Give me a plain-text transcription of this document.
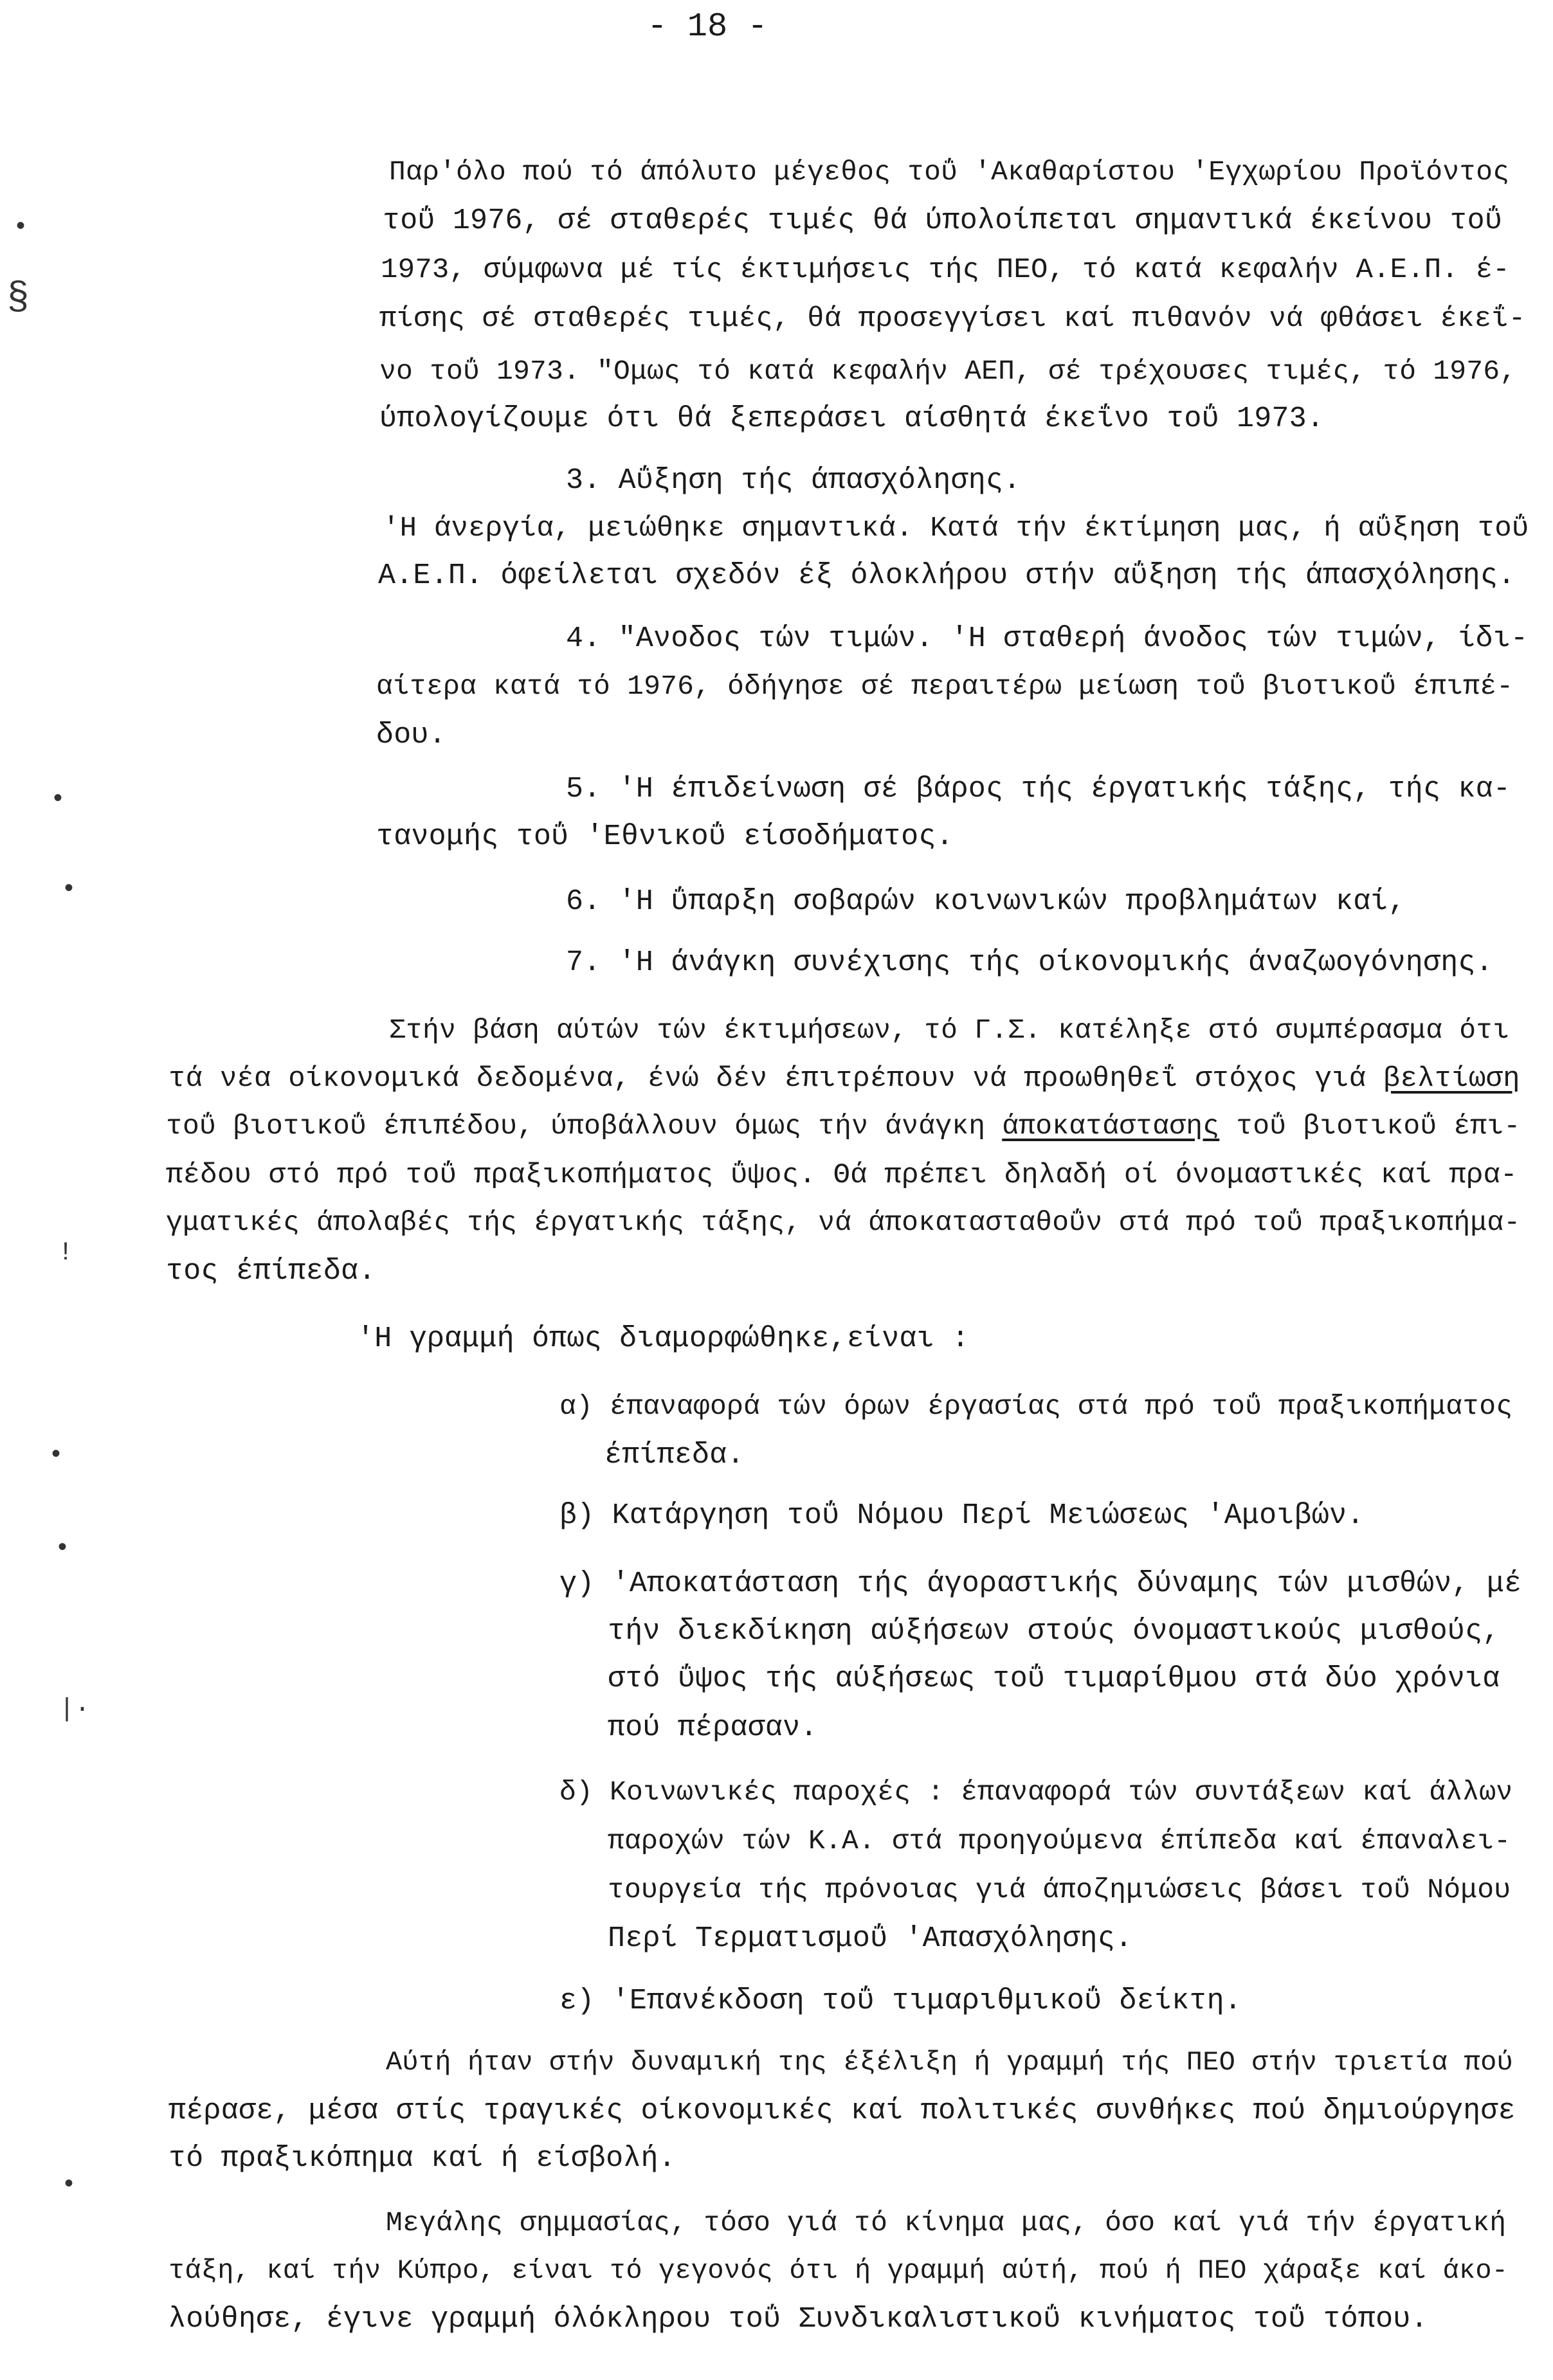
- 18 -
•
§
•
•
!
•
•
|·
•
Παρ'όλο πού τό άπόλυτο μέγεθος τοΰ 'Ακαθαρίστου 'Εγχωρίου Προϊόντος
τοΰ 1976, σέ σταθερές τιμές θά ύπολοίπεται σημαντικά έκείνου τοΰ
1973, σύμφωνα μέ τίς έκτιμήσεις τής ΠΕΟ, τό κατά κεφαλήν Α.Ε.Π. έ-
πίσης σέ σταθερές τιμές, θά προσεγγίσει καί πιθανόν νά φθάσει έκεΐ-
νο τοΰ 1973. "Ομως τό κατά κεφαλήν ΑΕΠ, σέ τρέχουσες τιμές, τό 1976,
ύπολογίζουμε ότι θά ξεπεράσει αίσθητά έκεΐνο τοΰ 1973.
3. Αΰξηση τής άπασχόλησης.
'Η άνεργία, μειώθηκε σημαντικά. Κατά τήν έκτίμηση μας, ή αΰξηση τοΰ
Α.Ε.Π. όφείλεται σχεδόν έξ όλοκλήρου στήν αΰξηση τής άπασχόλησης.
4. "Ανοδος τών τιμών. 'Η σταθερή άνοδος τών τιμών, ίδι-
αίτερα κατά τό 1976, όδήγησε σέ περαιτέρω μείωση τοΰ βιοτικοΰ έπιπέ-
δου.
5. 'Η έπιδείνωση σέ βάρος τής έργατικής τάξης, τής κα-
τανομής τοΰ 'Εθνικοΰ είσοδήματος.
6. 'Η ΰπαρξη σοβαρών κοινωνικών προβλημάτων καί,
7. 'Η άνάγκη συνέχισης τής οίκονομικής άναζωογόνησης.
Στήν βάση αύτών τών έκτιμήσεων, τό Γ.Σ. κατέληξε στό συμπέρασμα ότι
τά νέα οίκονομικά δεδομένα, ένώ δέν έπιτρέπουν νά προωθηθεΐ στόχος γιά βελτίωση
τοΰ βιοτικοΰ έπιπέδου, ύποβάλλουν όμως τήν άνάγκη άποκατάστασης τοΰ βιοτικοΰ έπι-
πέδου στό πρό τοΰ πραξικοπήματος ΰψος. Θά πρέπει δηλαδή οί όνομαστικές καί πρα-
γματικές άπολαβές τής έργατικής τάξης, νά άποκατασταθοΰν στά πρό τοΰ πραξικοπήμα-
τος έπίπεδα.
'Η γραμμή όπως διαμορφώθηκε,είναι :
α) έπαναφορά τών όρων έργασίας στά πρό τοΰ πραξικοπήματος
έπίπεδα.
β) Κατάργηση τοΰ Νόμου Περί Μειώσεως 'Αμοιβών.
γ) 'Αποκατάσταση τής άγοραστικής δύναμης τών μισθών, μέ
τήν διεκδίκηση αύξήσεων στούς όνομαστικούς μισθούς,
στό ΰψος τής αύξήσεως τοΰ τιμαρίθμου στά δύο χρόνια
πού πέρασαν.
δ) Κοινωνικές παροχές : έπαναφορά τών συντάξεων καί άλλων
παροχών τών Κ.Α. στά προηγούμενα έπίπεδα καί έπαναλει-
τουργεία τής πρόνοιας γιά άποζημιώσεις βάσει τοΰ Νόμου
Περί Τερματισμοΰ 'Απασχόλησης.
ε) 'Επανέκδοση τοΰ τιμαριθμικοΰ δείκτη.
Αύτή ήταν στήν δυναμική της έξέλιξη ή γραμμή τής ΠΕΟ στήν τριετία πού
πέρασε, μέσα στίς τραγικές οίκονομικές καί πολιτικές συνθήκες πού δημιούργησε
τό πραξικόπημα καί ή είσβολή.
Μεγάλης σημμασίας, τόσο γιά τό κίνημα μας, όσο καί γιά τήν έργατική
τάξη, καί τήν Κύπρο, είναι τό γεγονός ότι ή γραμμή αύτή, πού ή ΠΕΟ χάραξε καί άκο-
λούθησε, έγινε γραμμή όλόκληρου τοΰ Συνδικαλιστικοΰ κινήματος τοΰ τόπου.
